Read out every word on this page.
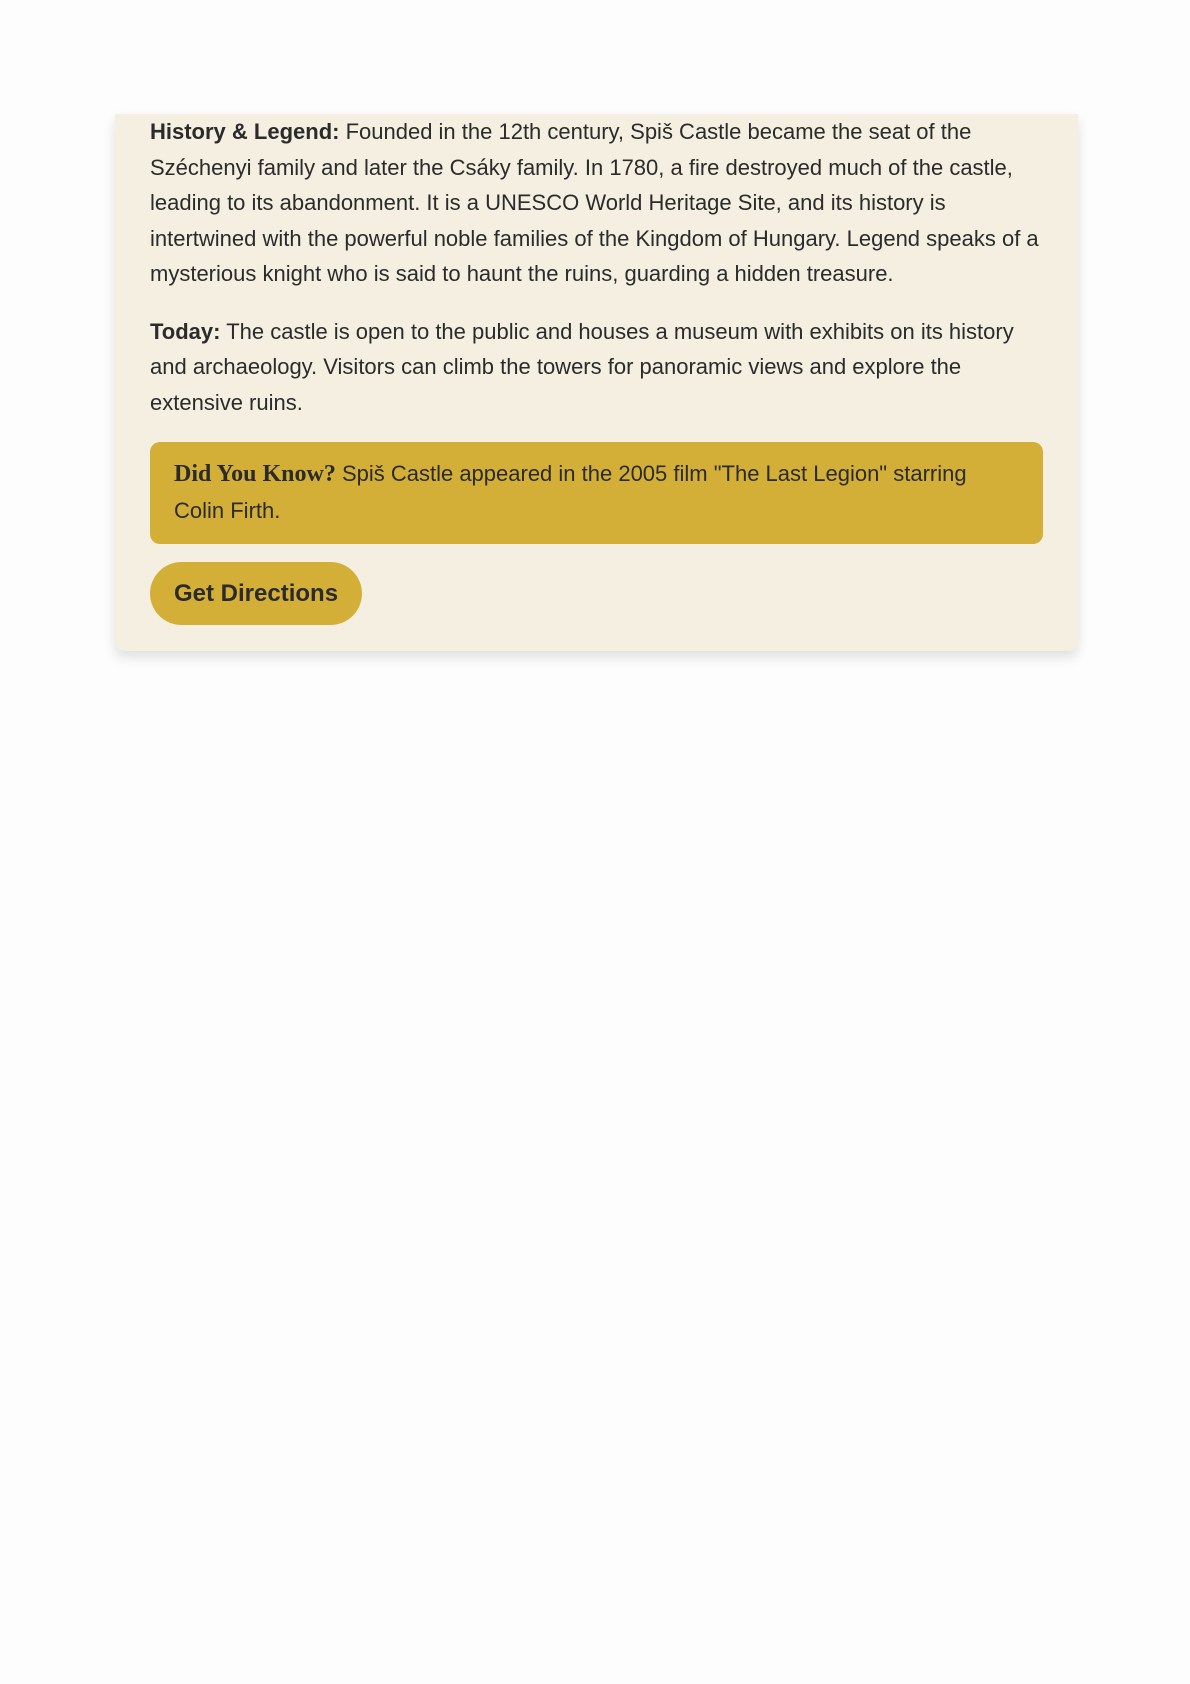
History & Legend: Founded in the 12th century, Spiš Castle became the seat of the Széchenyi family and later the Csáky family. In 1780, a fire destroyed much of the castle, leading to its abandonment. It is a UNESCO World Heritage Site, and its history is intertwined with the powerful noble families of the Kingdom of Hungary. Legend speaks of a mysterious knight who is said to haunt the ruins, guarding a hidden treasure.

Today: The castle is open to the public and houses a museum with exhibits on its history and archaeology. Visitors can climb the towers for panoramic views and explore the extensive ruins.

Did You Know? Spiš Castle appeared in the 2005 film "The Last Legion" starring Colin Firth.
Get Directions
